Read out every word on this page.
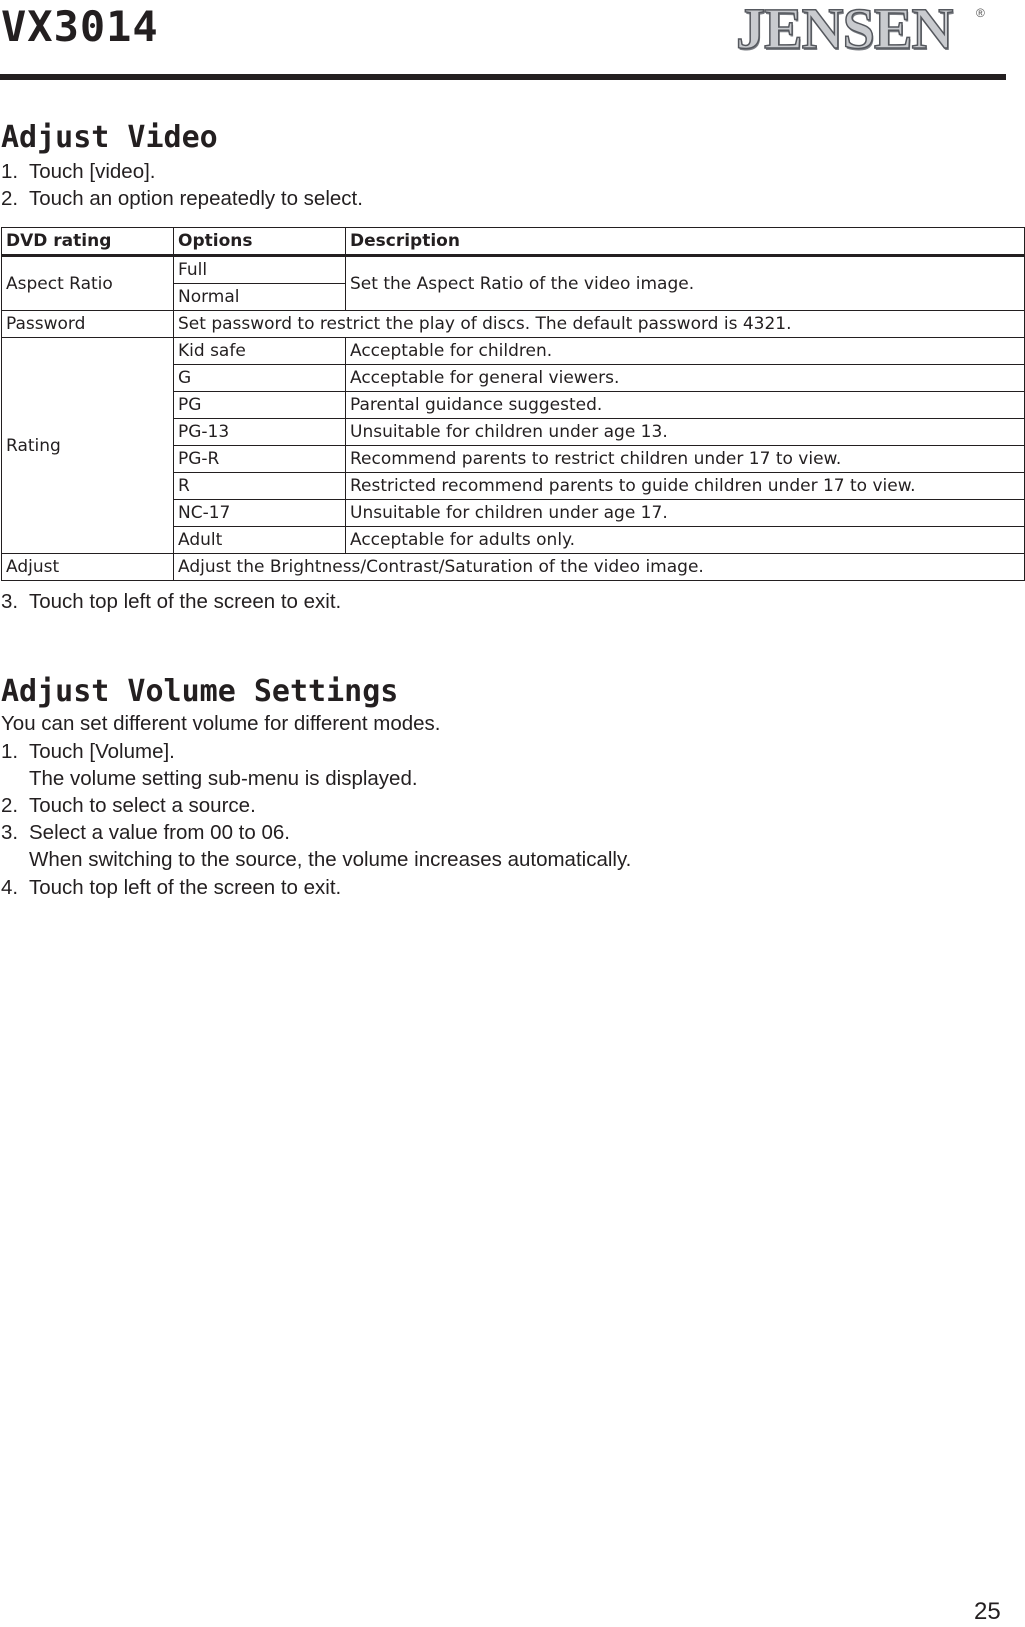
VX3014	JENSEN ®
Adjust Video
1. Touch [video].
2. Touch an option repeatedly to select.
DVD rating	Options	Description
Aspect Ratio	Full	Set the Aspect Ratio of the video image.
	Normal	
Password	Set password to restrict the play of discs. The default password is 4321.	
Rating	Kid safe	Acceptable for children.
	G	Acceptable for general viewers.
	PG	Parental guidance suggested.
	PG-13	Unsuitable for children under age 13.
	PG-R	Recommend parents to restrict children under 17 to view.
	R	Restricted recommend parents to guide children under 17 to view.
	NC-17	Unsuitable for children under age 17.
	Adult	Acceptable for adults only.
Adjust	Adjust the Brightness/Contrast/Saturation of the video image.	
3. Touch top left of the screen to exit.
Adjust Volume Settings
You can set different volume for different modes.
1. Touch [Volume].
The volume setting sub-menu is displayed.
2. Touch to select a source.
3. Select a value from 00 to 06.
When switching to the source, the volume increases automatically.
4. Touch top left of the screen to exit.
25
